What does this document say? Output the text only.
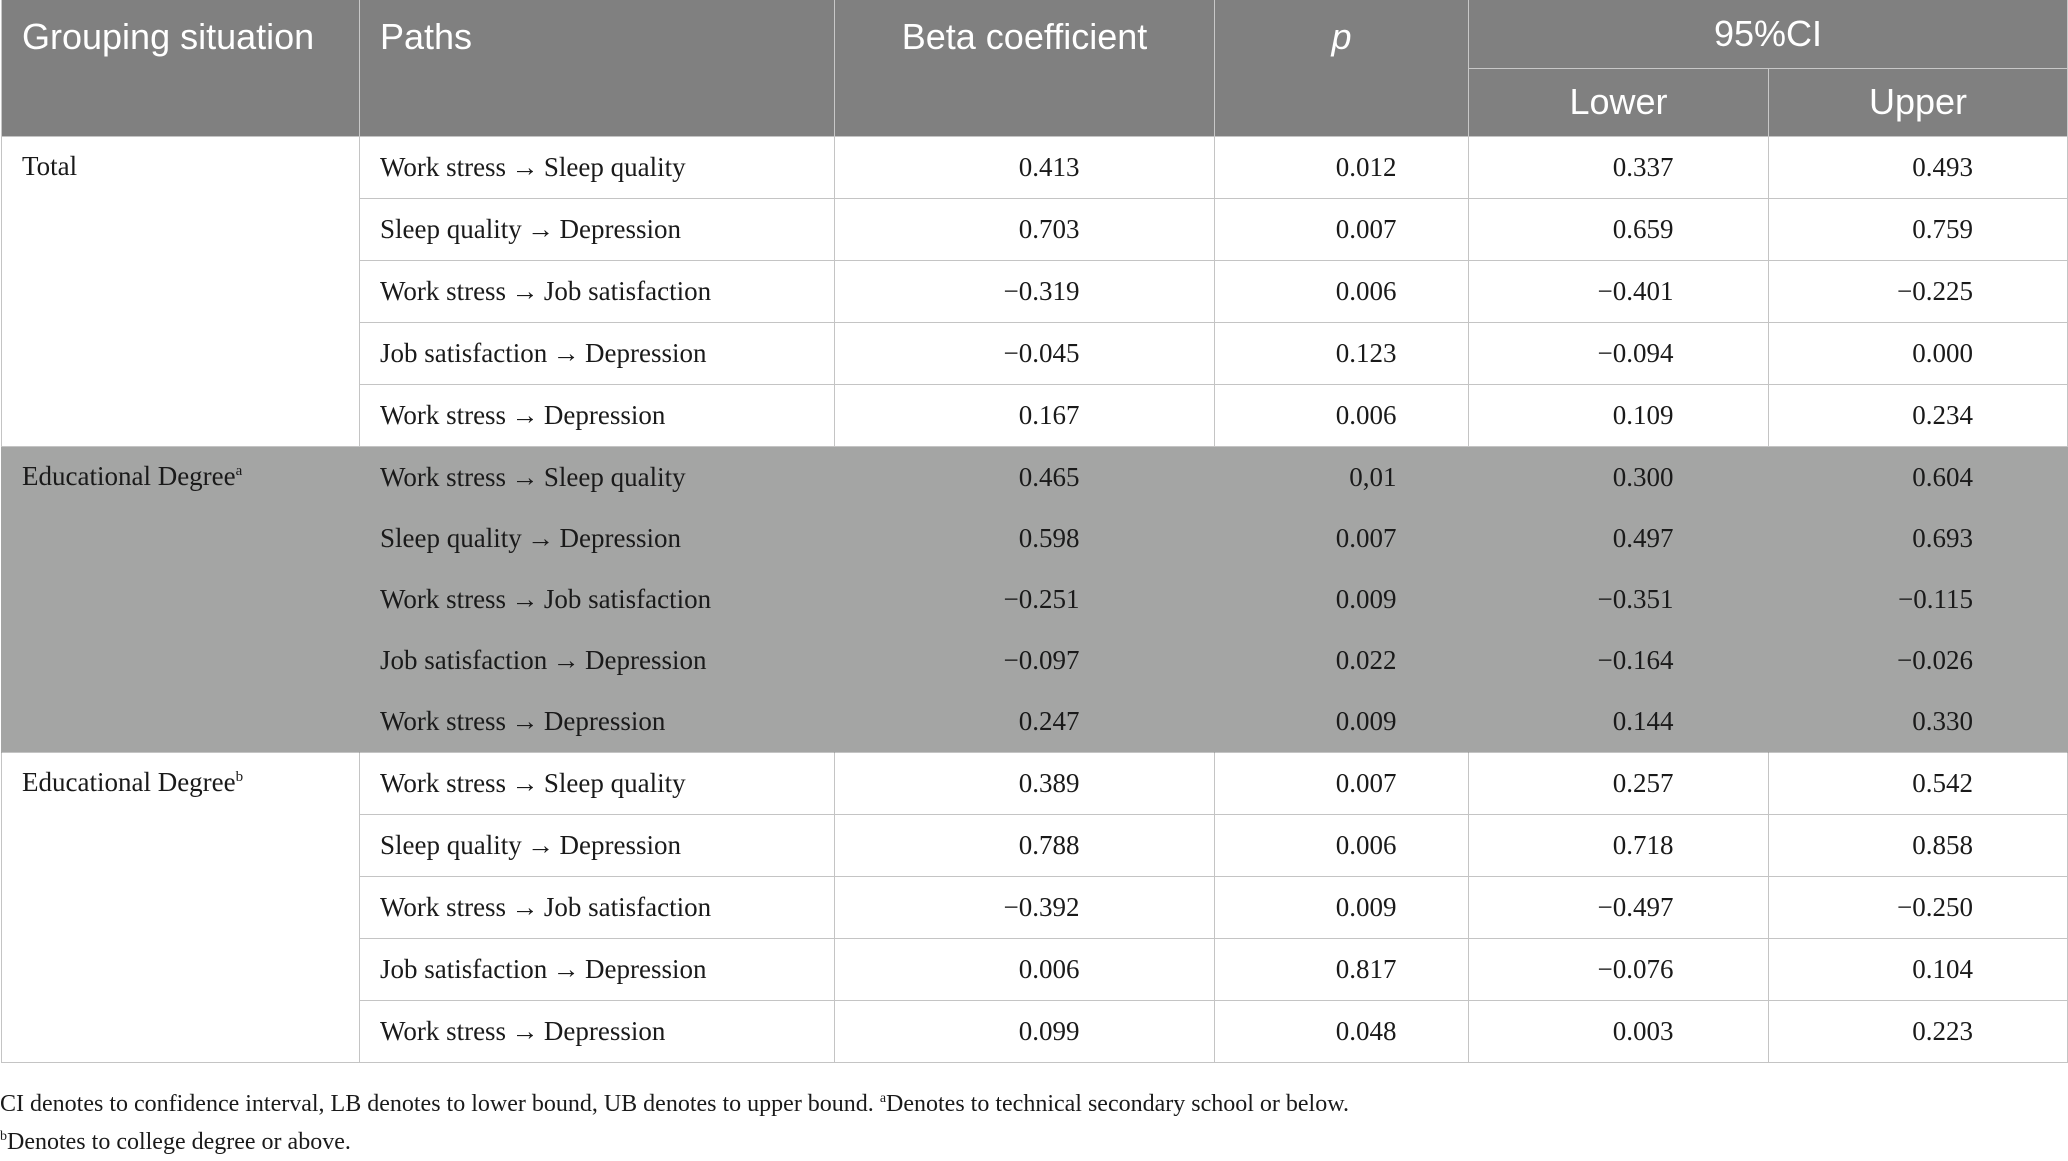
Grouping situation	Paths	Beta coefficient	p	95%CI	
				Lower	Upper
Total	Work stress → Sleep quality	0.413	0.012	0.337	0.493
	Sleep quality → Depression	0.703	0.007	0.659	0.759
	Work stress → Job satisfaction	−0.319	0.006	−0.401	−0.225
	Job satisfaction → Depression	−0.045	0.123	−0.094	0.000
	Work stress → Depression	0.167	0.006	0.109	0.234
Educational Degree$^a$	Work stress → Sleep quality	0.465	0,01	0.300	0.604
	Sleep quality → Depression	0.598	0.007	0.497	0.693
	Work stress → Job satisfaction	−0.251	0.009	−0.351	−0.115
	Job satisfaction → Depression	−0.097	0.022	−0.164	−0.026
	Work stress → Depression	0.247	0.009	0.144	0.330
Educational Degree$^b$	Work stress → Sleep quality	0.389	0.007	0.257	0.542
	Sleep quality → Depression	0.788	0.006	0.718	0.858
	Work stress → Job satisfaction	−0.392	0.009	−0.497	−0.250
	Job satisfaction → Depression	0.006	0.817	−0.076	0.104
	Work stress → Depression	0.099	0.048	0.003	0.223
CI denotes to confidence interval, LB denotes to lower bound, UB denotes to upper bound. $^a$Denotes to technical secondary school or below.
$^b$Denotes to college degree or above.
